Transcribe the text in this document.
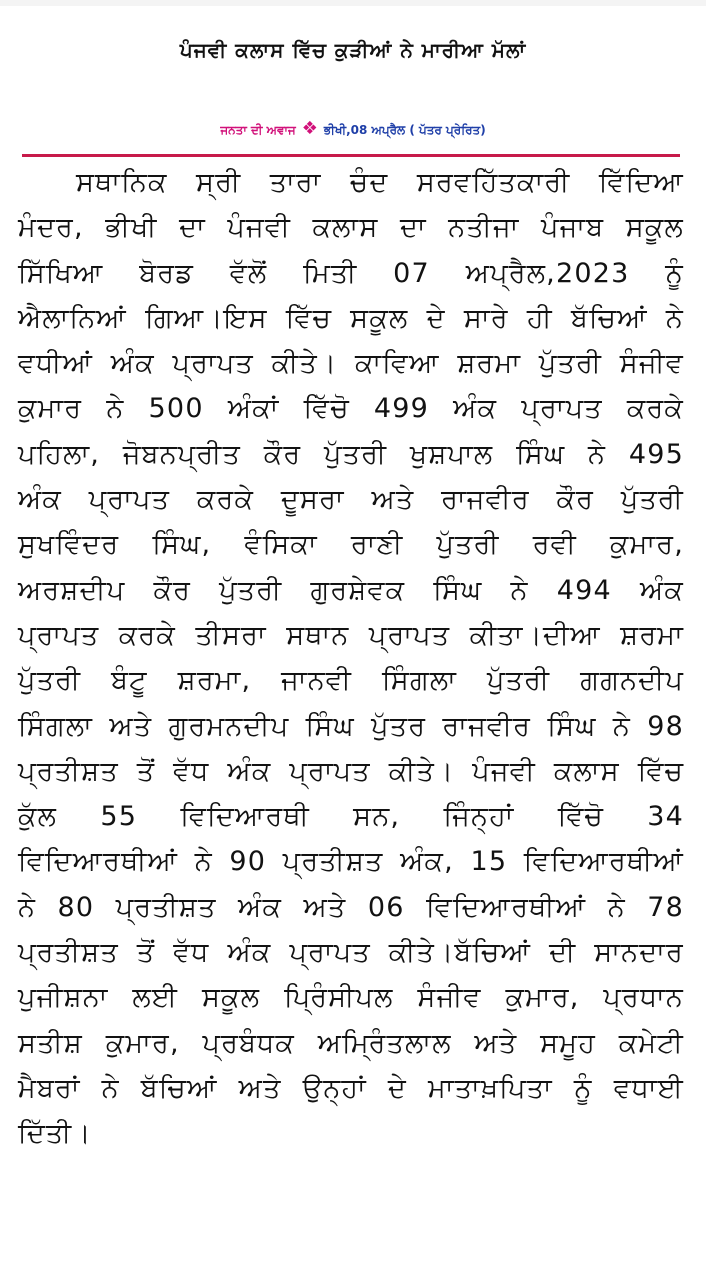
ਪੰਜਵੀ ਕਲਾਸ ਵਿੱਚ ਕੁੜੀਆਂ ਨੇ ਮਾਰੀਆ ਮੱਲਾਂ
ਜਨਤਾ ਦੀ ਅਵਾਜ ❖ ਭੀਖੀ,08 ਅਪ੍ਰੈਲ ( ਪੱਤਰ ਪ੍ਰੇਰਿਤ)
ਸਥਾਨਿਕ ਸ੍ਰੀ ਤਾਰਾ ਚੰਦ ਸਰਵਹਿੱਤਕਾਰੀ ਵਿੱਦਿਆ ਮੰਦਰ, ਭੀਖੀ ਦਾ ਪੰਜਵੀ ਕਲਾਸ ਦਾ ਨਤੀਜਾ ਪੰਜਾਬ ਸਕੂਲ ਸਿੱਖਿਆ ਬੋਰਡ ਵੱਲੋਂ ਮਿਤੀ 07 ਅਪ੍ਰੈਲ,2023 ਨੂੰ ਐਲਾਨਿਆਂ ਗਿਆ।ਇਸ ਵਿੱਚ ਸਕੂਲ ਦੇ ਸਾਰੇ ਹੀ ਬੱਚਿਆਂ ਨੇ ਵਧੀਆਂ ਅੰਕ ਪ੍ਰਾਪਤ ਕੀਤੇ। ਕਾਵਿਆ ਸ਼ਰਮਾ ਪੁੱਤਰੀ ਸੰਜੀਵ ਕੁਮਾਰ ਨੇ 500 ਅੰਕਾਂ ਵਿੱਚੋ 499 ਅੰਕ ਪ੍ਰਾਪਤ ਕਰਕੇ ਪਹਿਲਾ, ਜੋਬਨਪ੍ਰੀਤ ਕੌਰ ਪੁੱਤਰੀ ਖੁਸ਼ਪਾਲ ਸਿੰਘ ਨੇ 495 ਅੰਕ ਪ੍ਰਾਪਤ ਕਰਕੇ ਦੂਸਰਾ ਅਤੇ ਰਾਜਵੀਰ ਕੌਰ ਪੁੱਤਰੀ ਸੁਖਵਿੰਦਰ ਸਿੰਘ, ਵੰਸਿਕਾ ਰਾਣੀ ਪੁੱਤਰੀ ਰਵੀ ਕੁਮਾਰ, ਅਰਸ਼ਦੀਪ ਕੌਰ ਪੁੱਤਰੀ ਗੁਰਸ਼ੇਵਕ ਸਿੰਘ ਨੇ 494 ਅੰਕ ਪ੍ਰਾਪਤ ਕਰਕੇ ਤੀਸਰਾ ਸਥਾਨ ਪ੍ਰਾਪਤ ਕੀਤਾ।ਦੀਆ ਸ਼ਰਮਾ ਪੁੱਤਰੀ ਬੰਟੂ ਸ਼ਰਮਾ, ਜਾਨਵੀ ਸਿੰਗਲਾ ਪੁੱਤਰੀ ਗਗਨਦੀਪ ਸਿੰਗਲਾ ਅਤੇ ਗੁਰਮਨਦੀਪ ਸਿੰਘ ਪੁੱਤਰ ਰਾਜਵੀਰ ਸਿੰਘ ਨੇ 98 ਪ੍ਰਤੀਸ਼ਤ ਤੋਂ ਵੱਧ ਅੰਕ ਪ੍ਰਾਪਤ ਕੀਤੇ। ਪੰਜਵੀ ਕਲਾਸ ਵਿੱਚ ਕੁੱਲ 55 ਵਿਦਿਆਰਥੀ ਸਨ, ਜਿੰਨ੍ਹਾਂ ਵਿੱਚੋ 34 ਵਿਦਿਆਰਥੀਆਂ ਨੇ 90 ਪ੍ਰਤੀਸ਼ਤ ਅੰਕ, 15 ਵਿਦਿਆਰਥੀਆਂ ਨੇ 80 ਪ੍ਰਤੀਸ਼ਤ ਅੰਕ ਅਤੇ 06 ਵਿਦਿਆਰਥੀਆਂ ਨੇ 78 ਪ੍ਰਤੀਸ਼ਤ ਤੋਂ ਵੱਧ ਅੰਕ ਪ੍ਰਾਪਤ ਕੀਤੇ।ਬੱਚਿਆਂ ਦੀ ਸਾਨਦਾਰ ਪੁਜੀਸ਼ਨਾ ਲਈ ਸਕੂਲ ਪ੍ਰਿੰਸੀਪਲ ਸੰਜੀਵ ਕੁਮਾਰ, ਪ੍ਰਧਾਨ ਸਤੀਸ਼ ਕੁਮਾਰ, ਪ੍ਰਬੰਧਕ ਅਮ੍ਰਿੰਤਲਾਲ ਅਤੇ ਸਮੂਹ ਕਮੇਟੀ ਮੈਬਰਾਂ ਨੇ ਬੱਚਿਆਂ ਅਤੇ ਉਨ੍ਹਾਂ ਦੇ ਮਾਤਾਖ਼ਪਿਤਾ ਨੂੰ ਵਧਾਈ ਦਿੱਤੀ।
